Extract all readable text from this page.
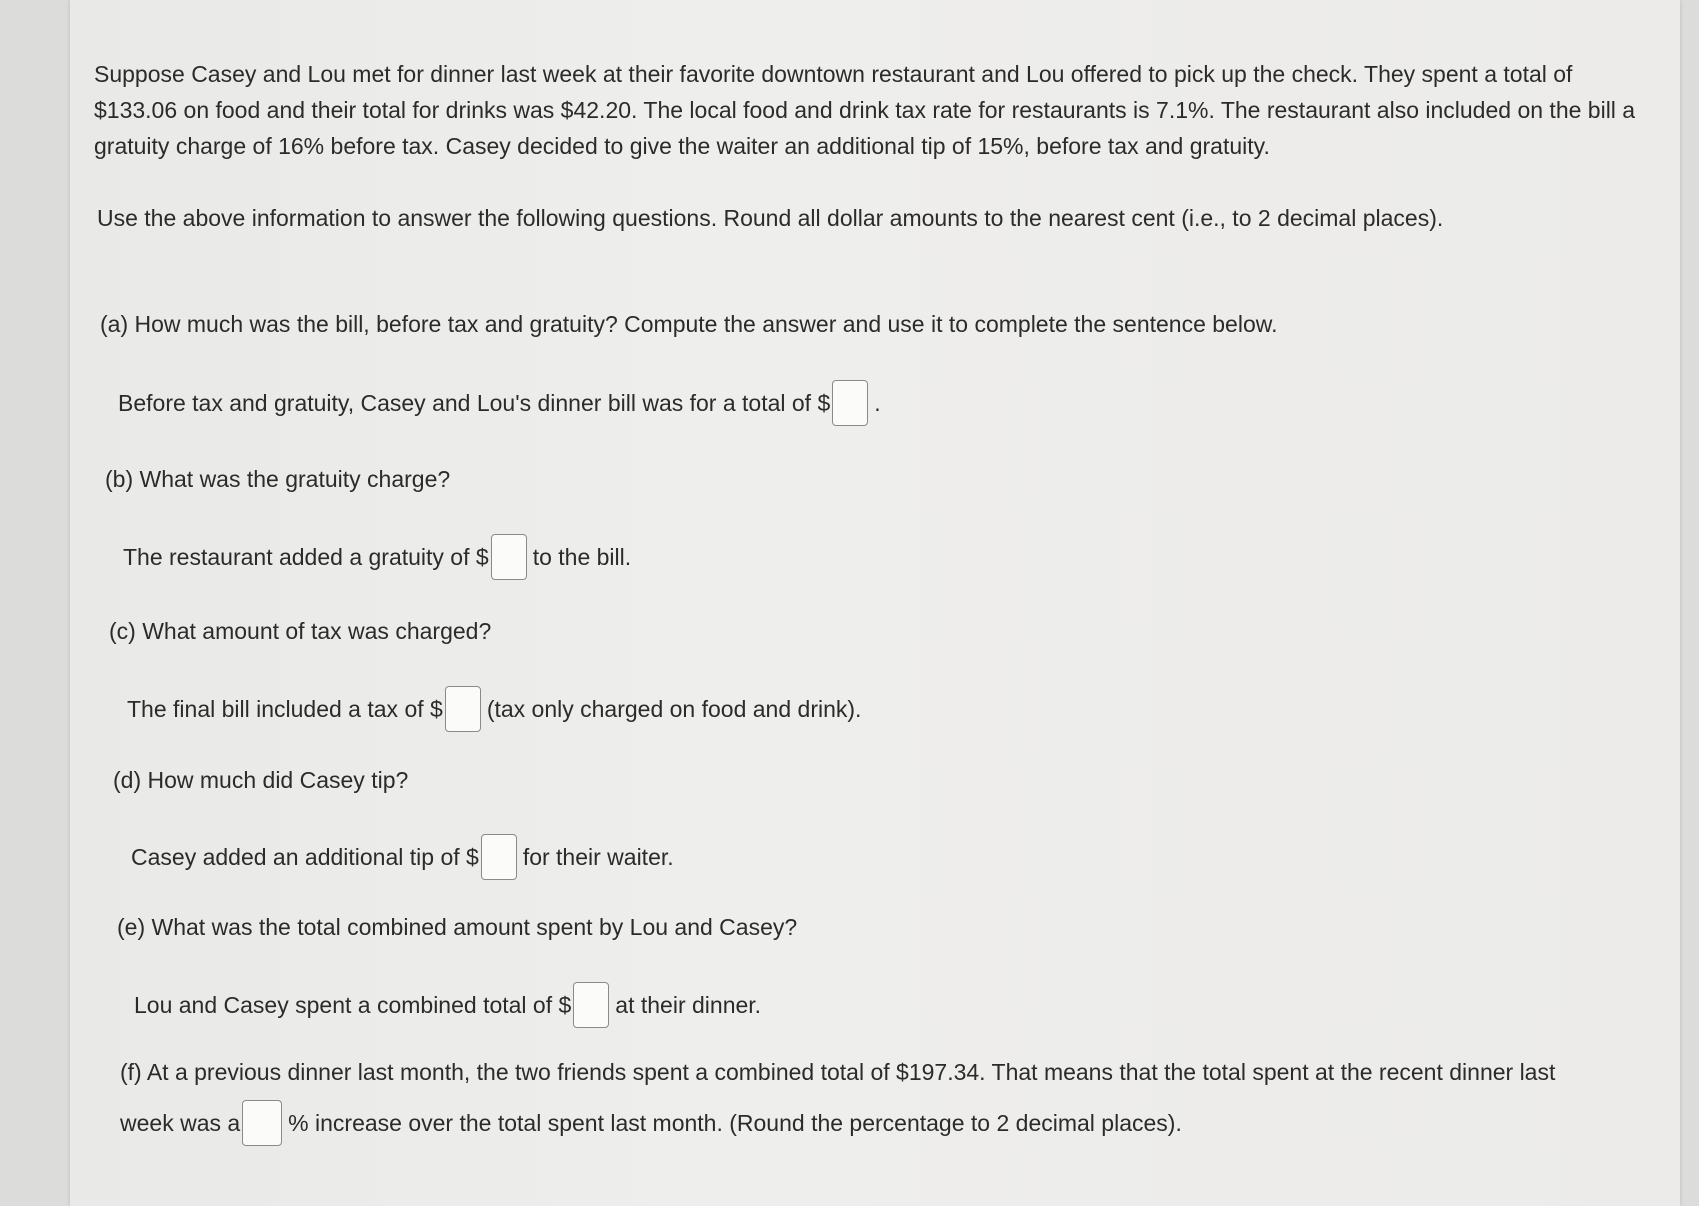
Suppose Casey and Lou met for dinner last week at their favorite downtown restaurant and Lou offered to pick up the check. They spent a total of $133.06 on food and their total for drinks was $42.20. The local food and drink tax rate for restaurants is 7.1%. The restaurant also included on the bill a gratuity charge of 16% before tax. Casey decided to give the waiter an additional tip of 15%, before tax and gratuity.
Use the above information to answer the following questions. Round all dollar amounts to the nearest cent (i.e., to 2 decimal places).
(a) How much was the bill, before tax and gratuity? Compute the answer and use it to complete the sentence below.
Before tax and gratuity, Casey and Lou's dinner bill was for a total of $ .
(b) What was the gratuity charge?
The restaurant added a gratuity of $ to the bill.
(c) What amount of tax was charged?
The final bill included a tax of $ (tax only charged on food and drink).
(d) How much did Casey tip?
Casey added an additional tip of $ for their waiter.
(e) What was the total combined amount spent by Lou and Casey?
Lou and Casey spent a combined total of $ at their dinner.
(f) At a previous dinner last month, the two friends spent a combined total of $197.34. That means that the total spent at the recent dinner last
week was a % increase over the total spent last month. (Round the percentage to 2 decimal places).
